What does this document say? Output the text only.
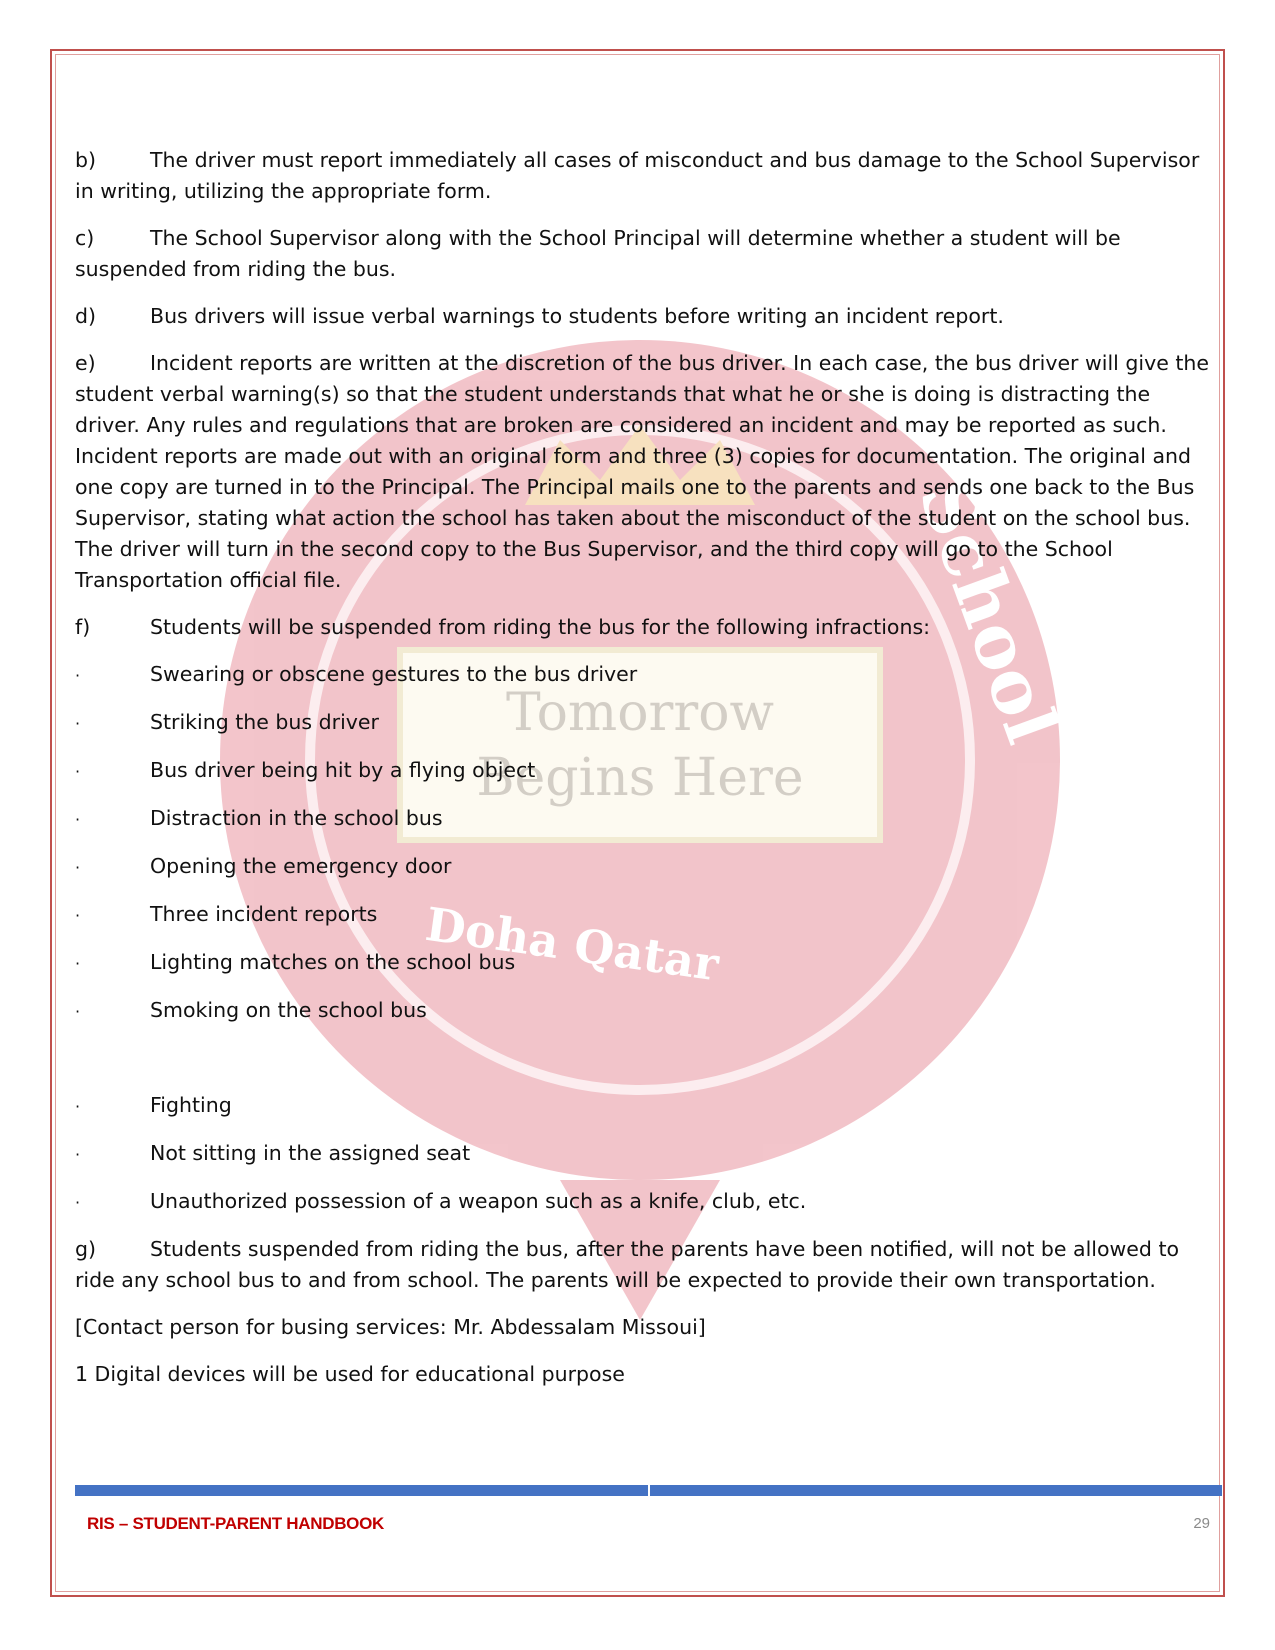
Tomorrow
Begins Here
School
Doha Qatar

b)	The driver must report immediately all cases of misconduct and bus damage to the School Supervisor in writing, utilizing the appropriate form.

c)	The School Supervisor along with the School Principal will determine whether a student will be suspended from riding the bus.

d)	Bus drivers will issue verbal warnings to students before writing an incident report.

e)	Incident reports are written at the discretion of the bus driver. In each case, the bus driver will give the student verbal warning(s) so that the student understands that what he or she is doing is distracting the driver. Any rules and regulations that are broken are considered an incident and may be reported as such. Incident reports are made out with an original form and three (3) copies for documentation. The original and one copy are turned in to the Principal. The Principal mails one to the parents and sends one back to the Bus Supervisor, stating what action the school has taken about the misconduct of the student on the school bus. The driver will turn in the second copy to the Bus Supervisor, and the third copy will go to the School Transportation official file.

f)	Students will be suspended from riding the bus for the following infractions:

·	Swearing or obscene gestures to the bus driver
·	Striking the bus driver
·	Bus driver being hit by a flying object
·	Distraction in the school bus
·	Opening the emergency door
·	Three incident reports
·	Lighting matches on the school bus
·	Smoking on the school bus
·	Fighting
·	Not sitting in the assigned seat
·	Unauthorized possession of a weapon such as a knife, club, etc.

g)	Students suspended from riding the bus, after the parents have been notified, will not be allowed to ride any school bus to and from school. The parents will be expected to provide their own transportation.

[Contact person for busing services: Mr. Abdessalam Missoui]

1 Digital devices will be used for educational purpose

RIS – STUDENT-PARENT HANDBOOK	29
